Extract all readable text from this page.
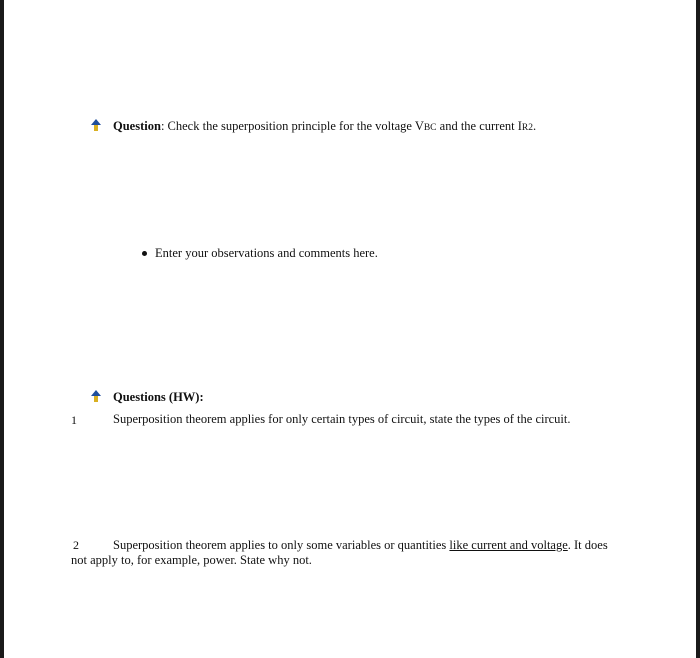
Question: Check the superposition principle for the voltage VBC and the current IR2.
Enter your observations and comments here.
Questions (HW):
1	Superposition theorem applies for only certain types of circuit, state the types of the circuit.
2	Superposition theorem applies to only some variables or quantities like current and voltage. It does
not apply to, for example, power. State why not.
